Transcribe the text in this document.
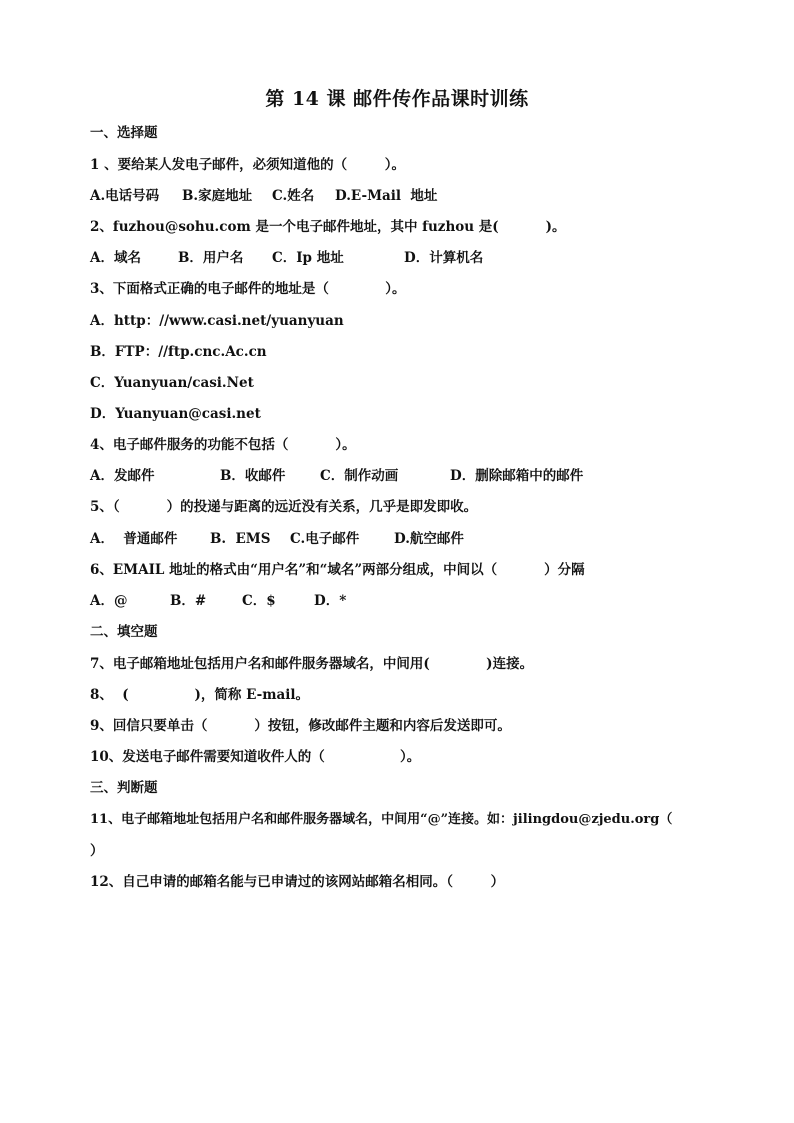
第 14 课 邮件传作品课时训练
一、选择题
1 、要给某人发电子邮件，必须知道他的（        ）。

A.电话号码

B.家庭地址

C.姓名

D.E-Mail  地址

2、fuzhou@sohu.com 是一个电子邮件地址，其中 fuzhou 是(          )。

A．域名

	B．用户名

C．Ip 地址

	D．计算机名

3、下面格式正确的电子邮件的地址是（            ）。
A．http：//www.casi.net/yuanyuan
B．FTP：//ftp.cnc.Ac.cn
C．Yuanyuan/casi.Net
D．Yuanyuan@casi.net
4、电子邮件服务的功能不包括（          ）。

A．发邮件

	B．收邮件

	C．制作动画

	D．删除邮箱中的邮件

5、（          ）的投递与距离的远近没有关系，几乎是即发即收。

A．  普通邮件

B.  EMS

C.电子邮件

	D.航空邮件

6、EMAIL 地址的格式由“用户名”和“域名”两部分组成，中间以（          ）分隔

A．@

	B．#

	C．$

	D．*

二、填空题
7、电子邮箱地址包括用户名和邮件服务器域名，中间用(            )连接。
8、  (              )，简称 E-mail。
9、回信只要单击（          ）按钮，修改邮件主题和内容后发送即可。
10、发送电子邮件需要知道收件人的（                ）。
三、判断题
11、电子邮箱地址包括用户名和邮件服务器域名，中间用“@”连接。如：jilingdou@zjedu.org（
）
12、自己申请的邮箱名能与已申请过的该网站邮箱名相同。（        ）
